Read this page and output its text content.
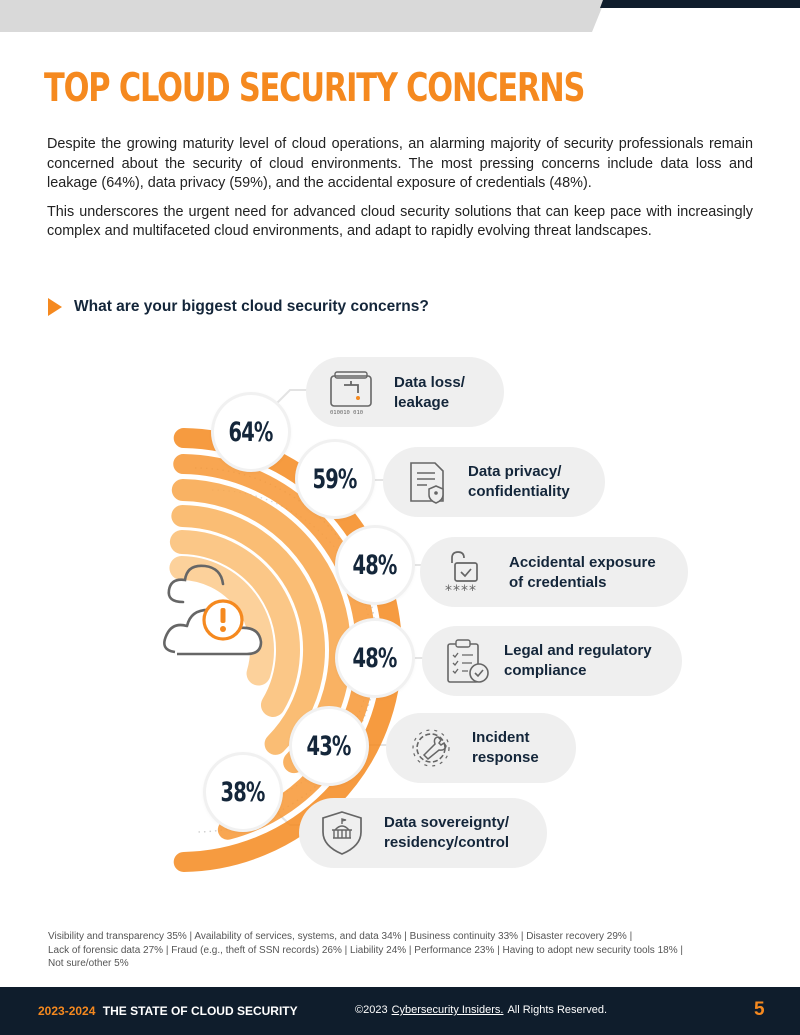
TOP CLOUD SECURITY CONCERNS

Despite the growing maturity level of cloud operations, an alarming majority of security professionals remain concerned about the security of cloud environments. The most pressing concerns include data loss and leakage (64%), data privacy (59%), and the accidental exposure of credentials (48%).

This underscores the urgent need for advanced cloud security solutions that can keep pace with increasingly complex and multifaceted cloud environments, and adapt to rapidly evolving threat landscapes.

What are your biggest cloud security concerns?
010010 010
Data loss/
leakage
Data privacy/
confidentiality
****
Accidental exposure
of credentials
Legal and regulatory
compliance
Incident
response
Data sovereignty/
residency/control
64%
59%
48%
48%
43%
38%
Visibility and transparency 35% | Availability of services, systems, and data 34% | Business continuity 33% | Disaster recovery 29% |
Lack of forensic data 27% | Fraud (e.g., theft of SSN records) 26% | Liability 24% | Performance 23% | Having to adopt new security tools 18% |
Not sure/other 5%
2023-2024 THE STATE OF CLOUD SECURITY	©2023 Cybersecurity Insiders. All Rights Reserved.	5
